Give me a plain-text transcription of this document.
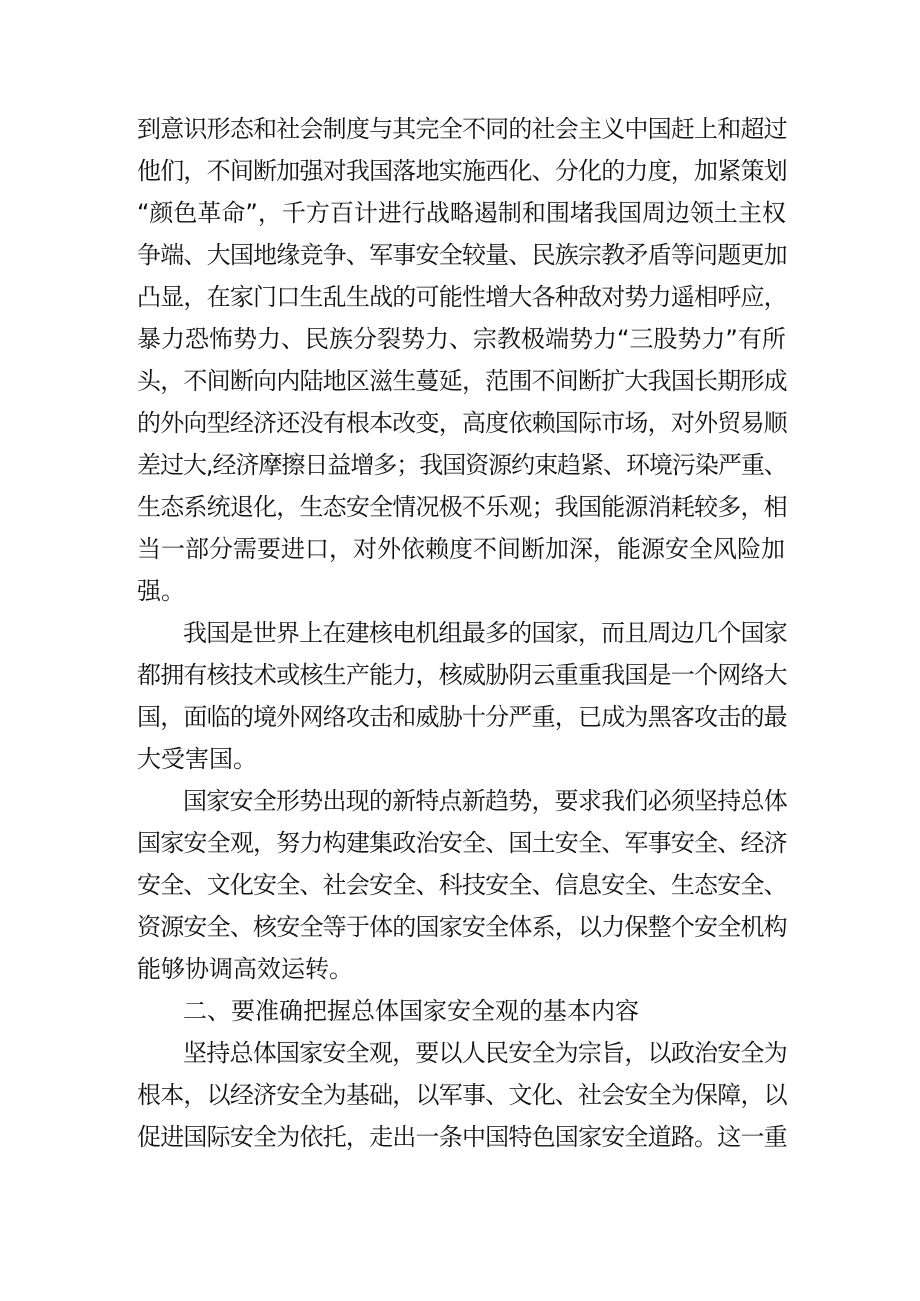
到意识形态和社会制度与其完全不同的社会主义中国赶上和超过
他们，不间断加强对我国落地实施西化、分化的力度，加紧策划
“颜色革命”，千方百计进行战略遏制和围堵我国周边领土主权
争端、大国地缘竞争、军事安全较量、民族宗教矛盾等问题更加
凸显，在家门口生乱生战的可能性增大各种敌对势力遥相呼应，
暴力恐怖势力、民族分裂势力、宗教极端势力“三股势力”有所
头，不间断向内陆地区滋生蔓延，范围不间断扩大我国长期形成
的外向型经济还没有根本改变，高度依赖国际市场，对外贸易顺
差过大,经济摩擦日益增多；我国资源约束趋紧、环境污染严重、
生态系统退化，生态安全情况极不乐观；我国能源消耗较多，相
当一部分需要进口，对外依赖度不间断加深，能源安全风险加
强。
我国是世界上在建核电机组最多的国家，而且周边几个国家
都拥有核技术或核生产能力，核威胁阴云重重我国是一个网络大
国，面临的境外网络攻击和威胁十分严重，已成为黑客攻击的最
大受害国。
国家安全形势出现的新特点新趋势，要求我们必须坚持总体
国家安全观，努力构建集政治安全、国土安全、军事安全、经济
安全、文化安全、社会安全、科技安全、信息安全、生态安全、
资源安全、核安全等于体的国家安全体系，以力保整个安全机构
能够协调高效运转。
二、要准确把握总体国家安全观的基本内容
坚持总体国家安全观，要以人民安全为宗旨，以政治安全为
根本，以经济安全为基础，以军事、文化、社会安全为保障，以
促进国际安全为依托，走出一条中国特色国家安全道路。这一重
